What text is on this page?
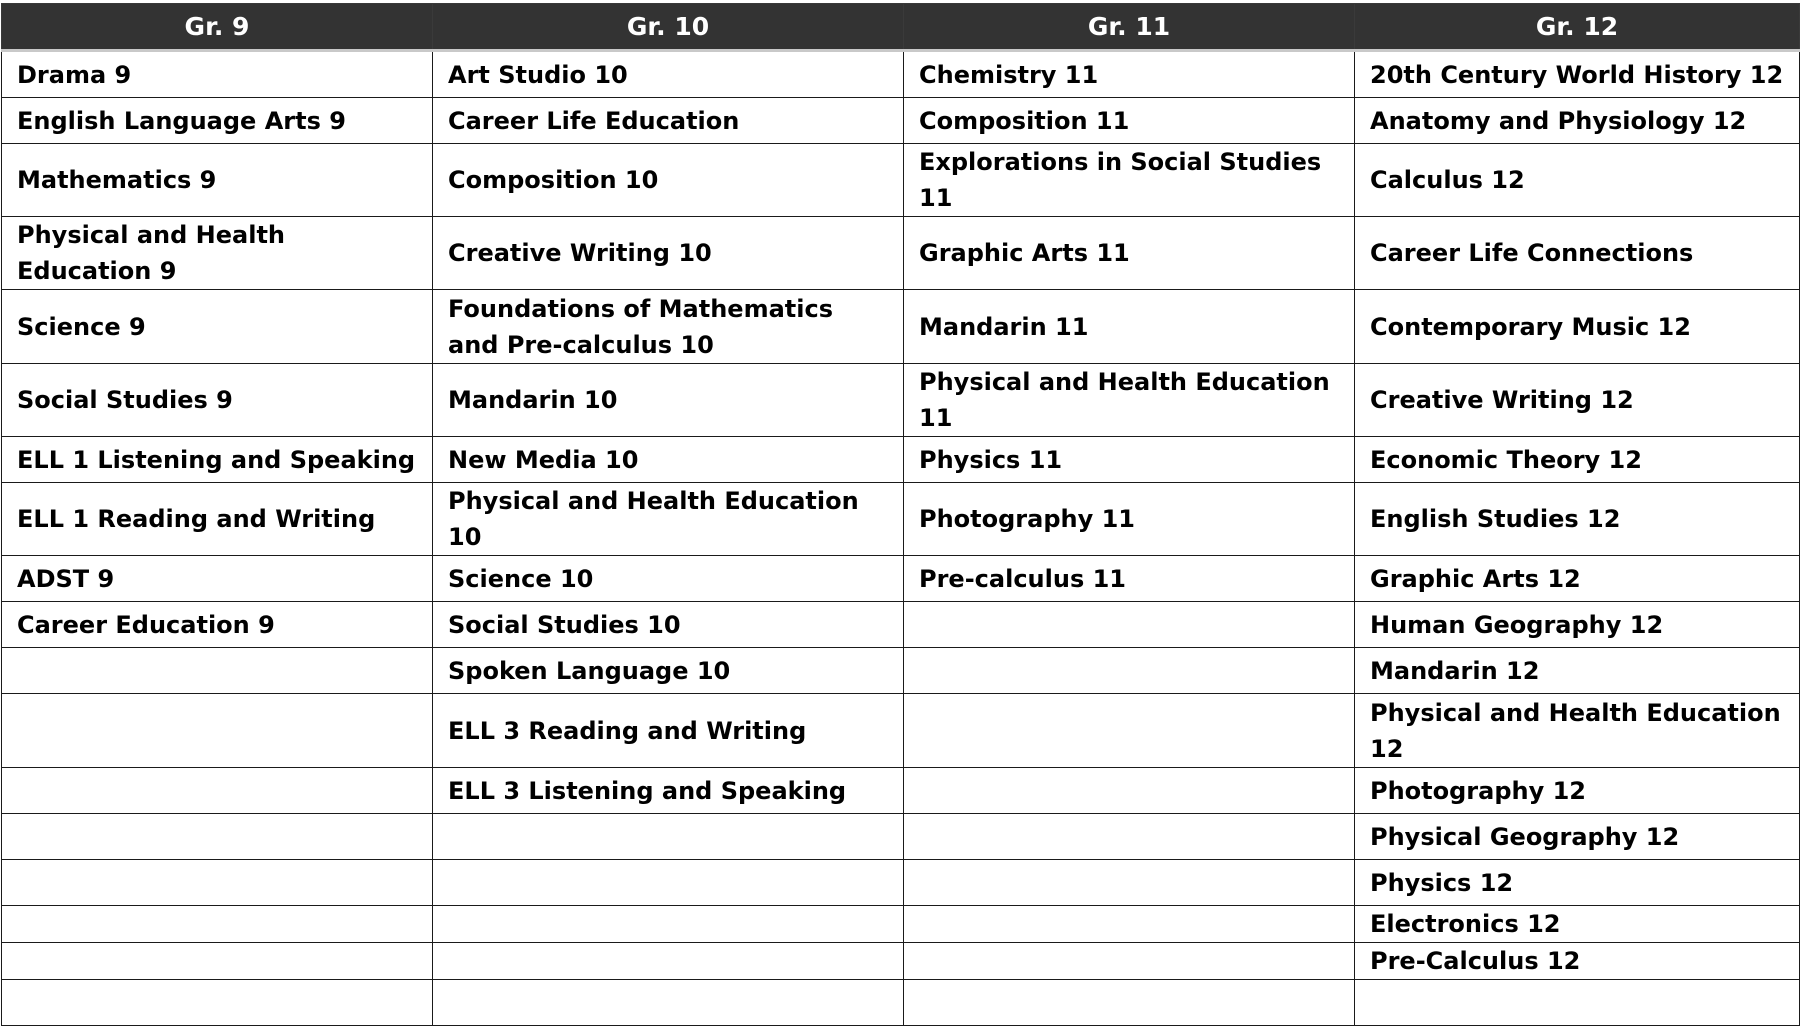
Gr. 9	Gr. 10	Gr. 11	Gr. 12
Drama 9	Art Studio 10	Chemistry 11	20th Century World History 12
English Language Arts 9	Career Life Education	Composition 11	Anatomy and Physiology 12
Mathematics 9	Composition 10	Explorations in Social Studies 11	Calculus 12
Physical and Health Education 9	Creative Writing 10	Graphic Arts 11	Career Life Connections
Science 9	Foundations of Mathematics and Pre-calculus 10	Mandarin 11	Contemporary Music 12
Social Studies 9	Mandarin 10	Physical and Health Education 11	Creative Writing 12
ELL 1 Listening and Speaking	New Media 10	Physics 11	Economic Theory 12
ELL 1 Reading and Writing	Physical and Health Education 10	Photography 11	English Studies 12
ADST 9	Science 10	Pre-calculus 11	Graphic Arts 12
Career Education 9	Social Studies 10		Human Geography 12
	Spoken Language 10		Mandarin 12
	ELL 3 Reading and Writing		Physical and Health Education 12
	ELL 3 Listening and Speaking		Photography 12
			Physical Geography 12
			Physics 12
			Electronics 12
			Pre-Calculus 12
